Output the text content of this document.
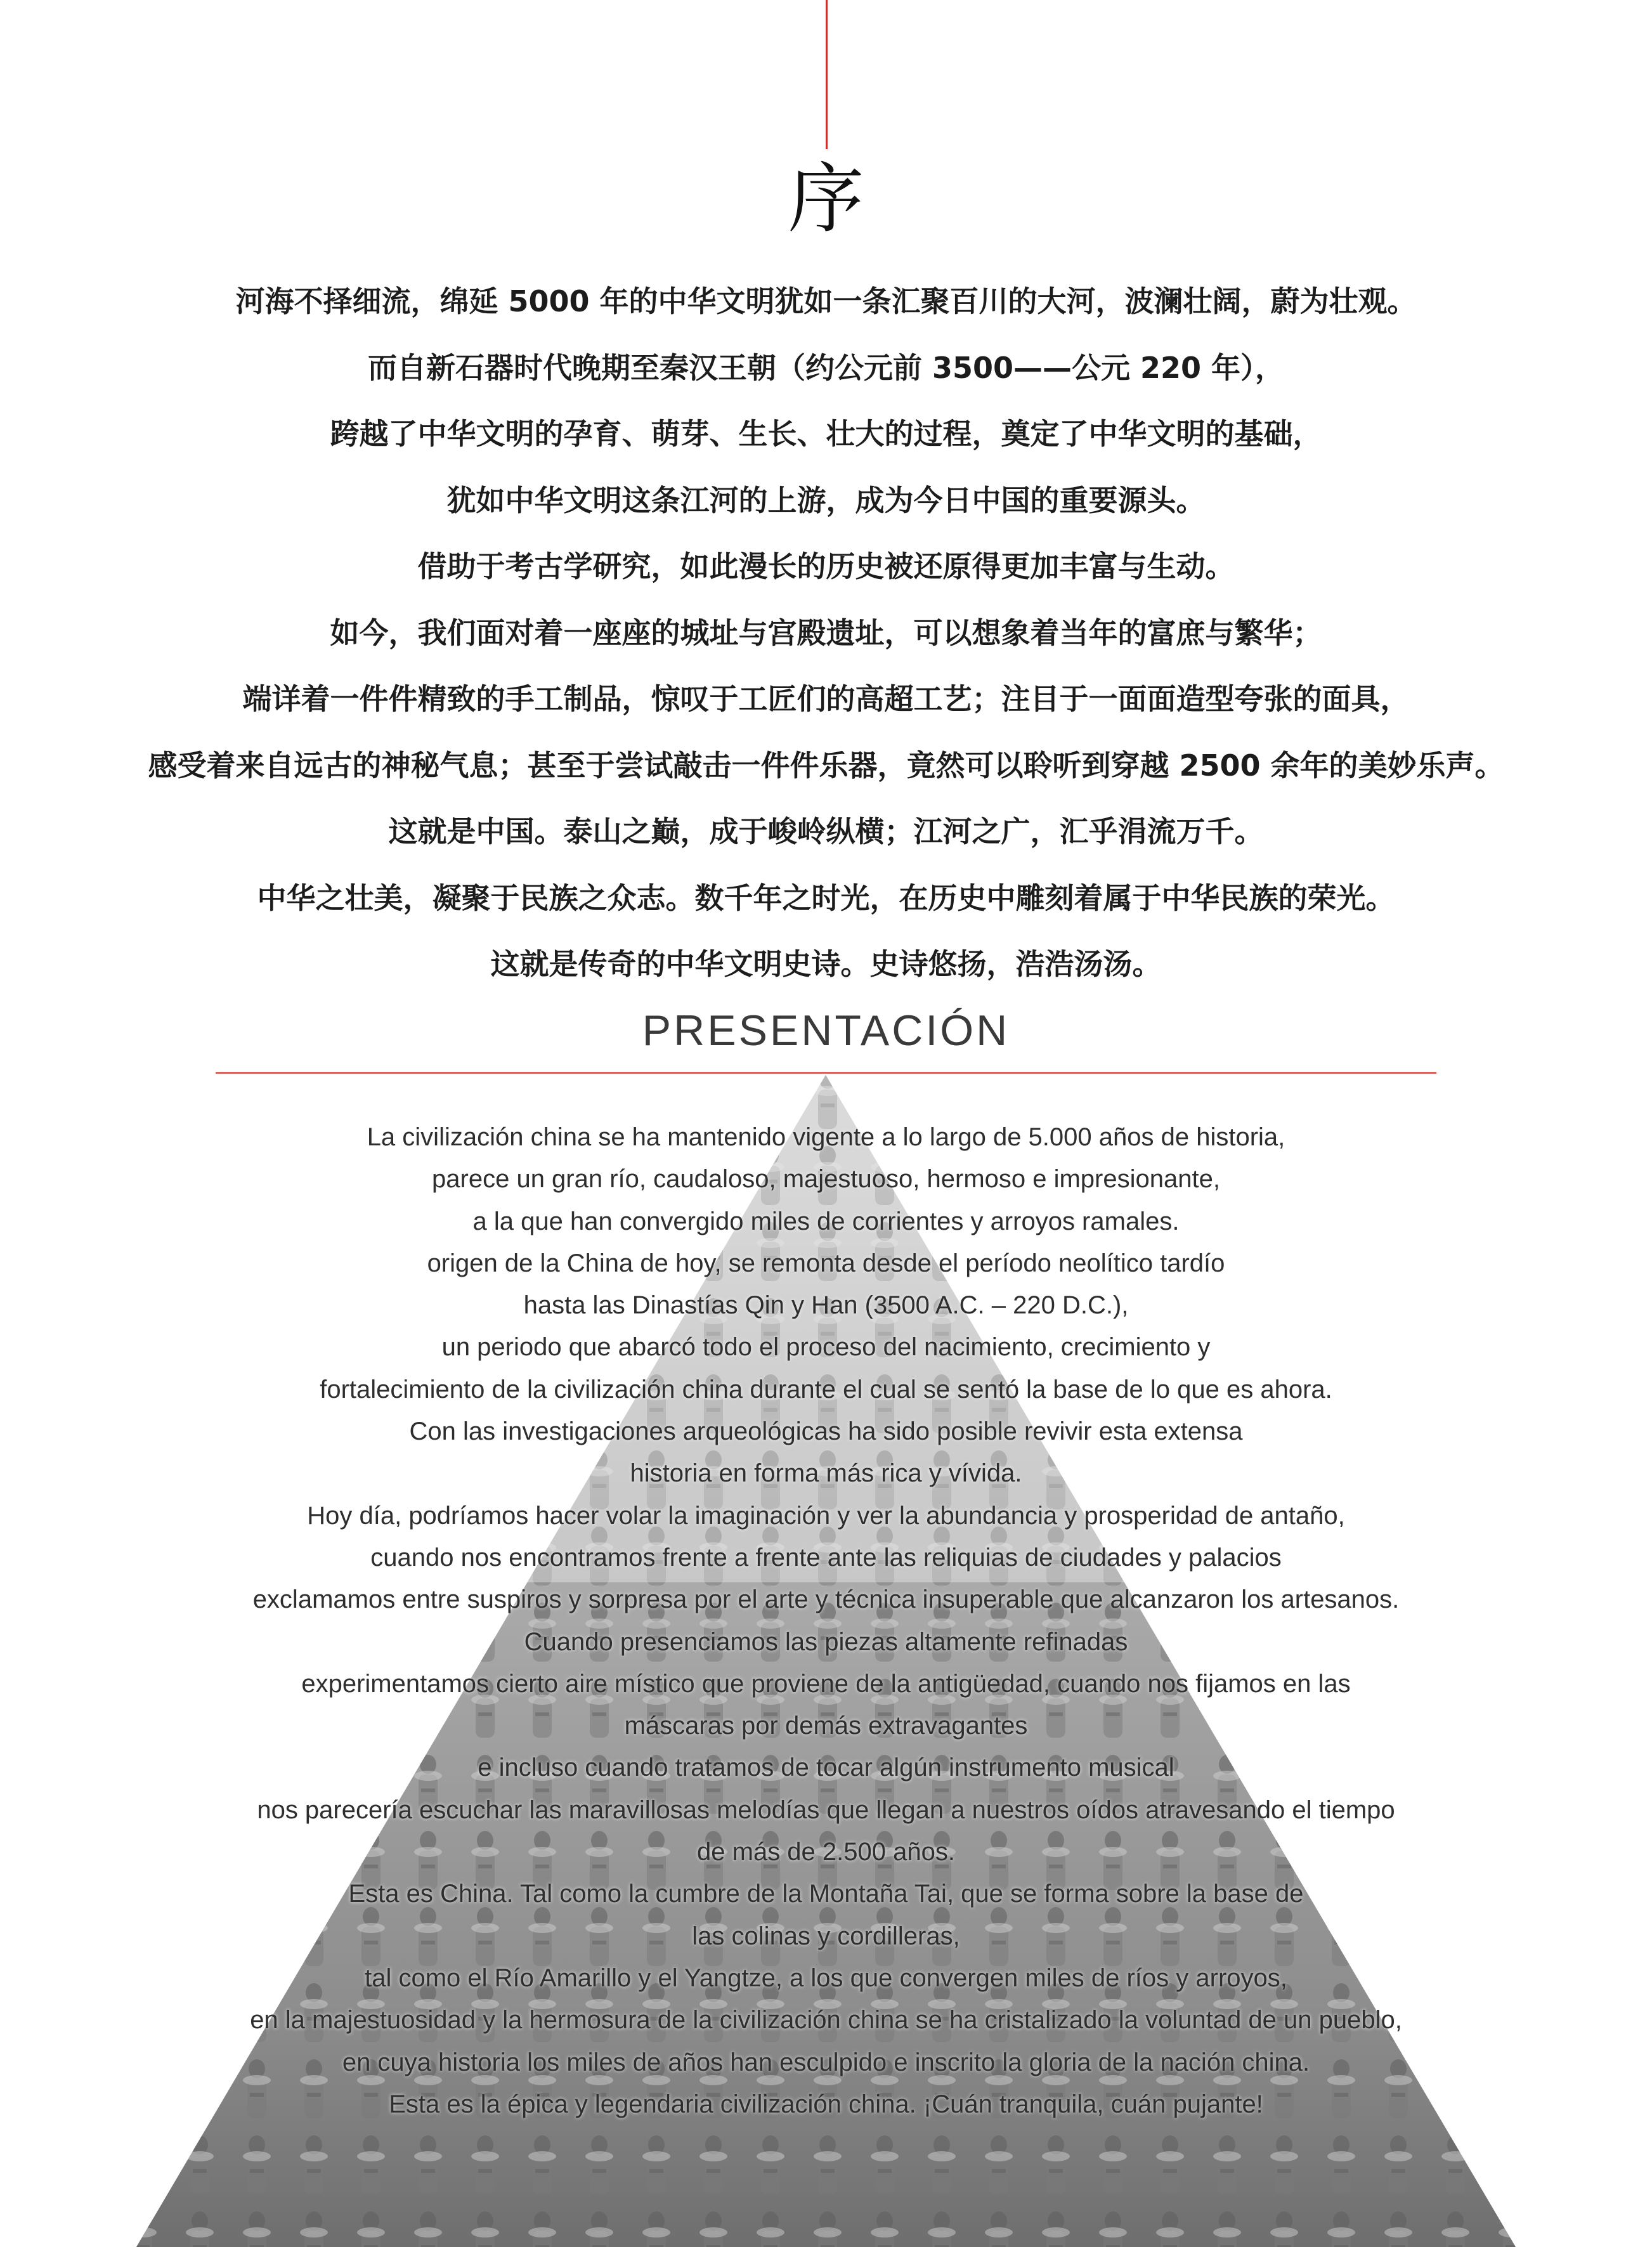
序
河海不择细流，绵延 5000 年的中华文明犹如一条汇聚百川的大河，波澜壮阔，蔚为壮观。
而自新石器时代晚期至秦汉王朝（约公元前 3500——公元 220 年），
跨越了中华文明的孕育、萌芽、生长、壮大的过程，奠定了中华文明的基础，
犹如中华文明这条江河的上游，成为今日中国的重要源头。
借助于考古学研究，如此漫长的历史被还原得更加丰富与生动。
如今，我们面对着一座座的城址与宫殿遗址，可以想象着当年的富庶与繁华；
端详着一件件精致的手工制品，惊叹于工匠们的高超工艺；注目于一面面造型夸张的面具，
感受着来自远古的神秘气息；甚至于尝试敲击一件件乐器，竟然可以聆听到穿越 2500 余年的美妙乐声。
这就是中国。泰山之巅，成于峻岭纵横；江河之广，汇乎涓流万千。
中华之壮美，凝聚于民族之众志。数千年之时光，在历史中雕刻着属于中华民族的荣光。
这就是传奇的中华文明史诗。史诗悠扬，浩浩汤汤。
PRESENTACIÓN
La civilización china se ha mantenido vigente a lo largo de 5.000 años de historia,
parece un gran río, caudaloso, majestuoso, hermoso e impresionante,
a la que han convergido miles de corrientes y arroyos ramales.
origen de la China de hoy, se remonta desde el período neolítico tardío
hasta las Dinastías Qin y Han (3500 A.C. – 220 D.C.),
un periodo que abarcó todo el proceso del nacimiento, crecimiento y
fortalecimiento de la civilización china durante el cual se sentó la base de lo que es ahora.
Con las investigaciones arqueológicas ha sido posible revivir esta extensa
historia en forma más rica y vívida.
Hoy día, podríamos hacer volar la imaginación y ver la abundancia y prosperidad de antaño,
cuando nos encontramos frente a frente ante las reliquias de ciudades y palacios
exclamamos entre suspiros y sorpresa por el arte y técnica insuperable que alcanzaron los artesanos.
Cuando presenciamos las piezas altamente refinadas
experimentamos cierto aire místico que proviene de la antigüedad, cuando nos fijamos en las
máscaras por demás extravagantes
e incluso cuando tratamos de tocar algún instrumento musical
nos parecería escuchar las maravillosas melodías que llegan a nuestros oídos atravesando el tiempo
de más de 2.500 años.
Esta es China. Tal como la cumbre de la Montaña Tai, que se forma sobre la base de
las colinas y cordilleras,
tal como el Río Amarillo y el Yangtze, a los que convergen miles de ríos y arroyos,
en la majestuosidad y la hermosura de la civilización china se ha cristalizado la voluntad de un pueblo,
en cuya historia los miles de años han esculpido e inscrito la gloria de la nación china.
Esta es la épica y legendaria civilización china. ¡Cuán tranquila, cuán pujante!
